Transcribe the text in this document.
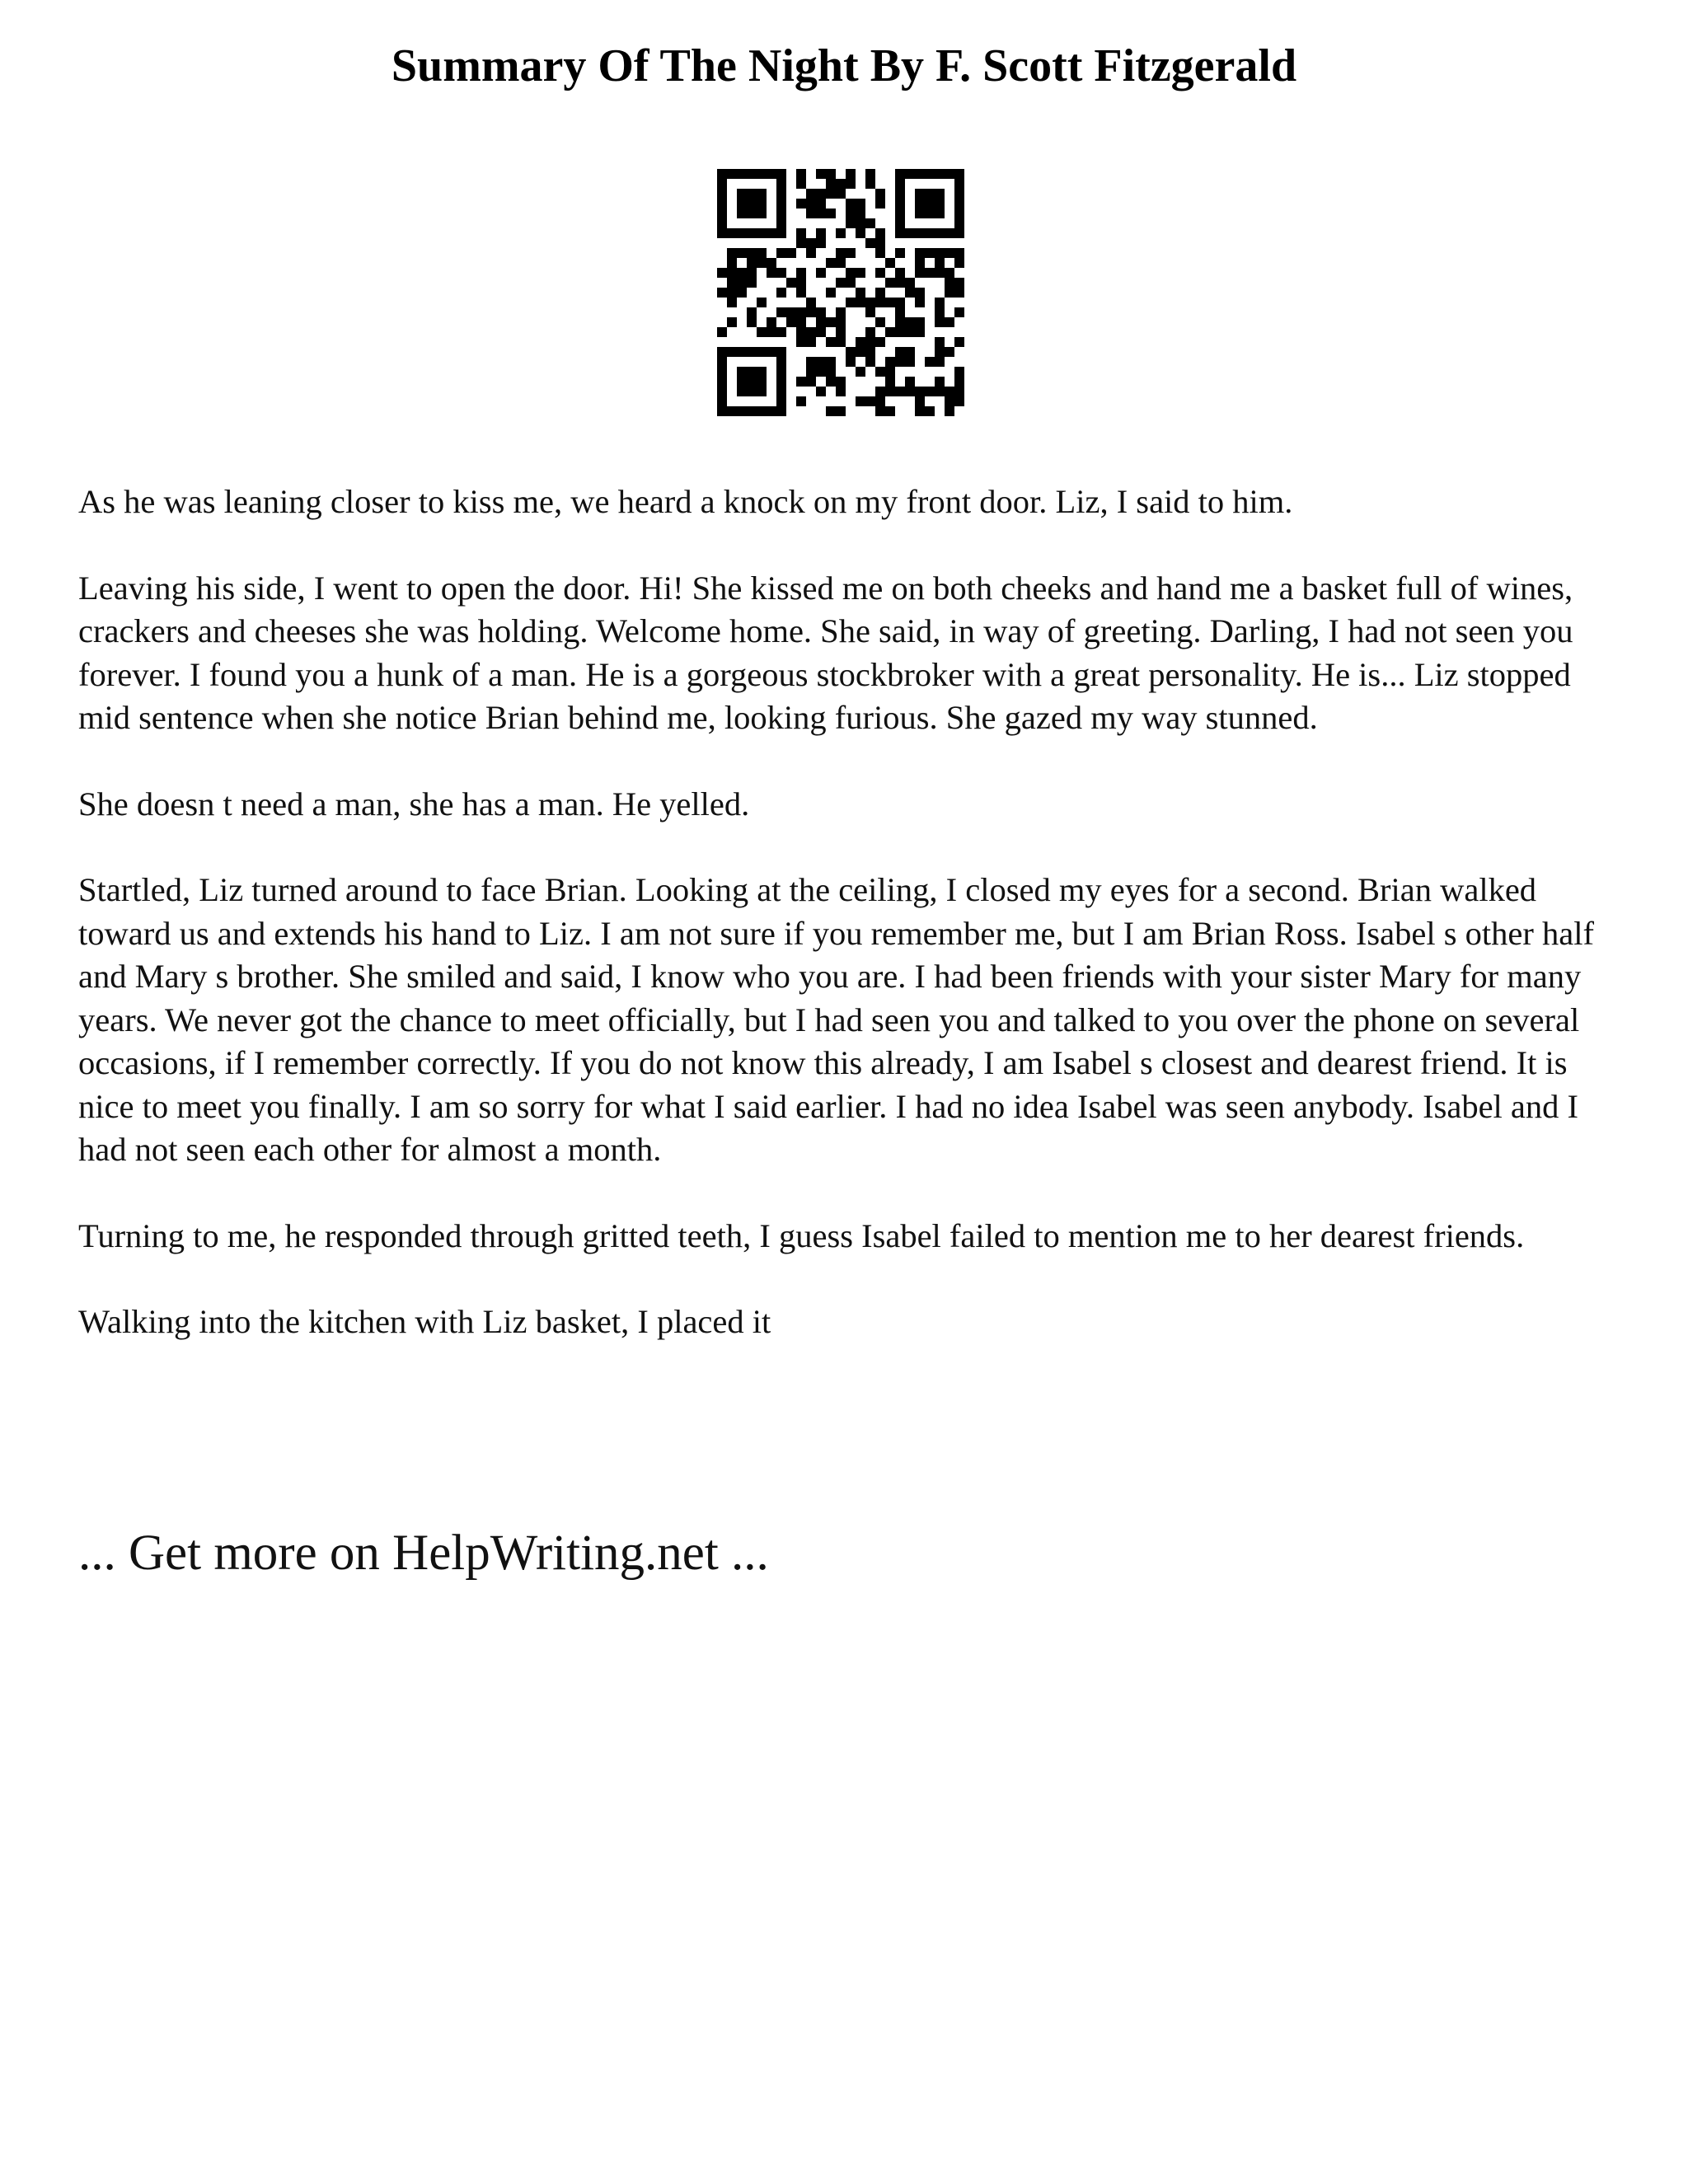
Summary Of The Night By F. Scott Fitzgerald

As he was leaning closer to kiss me, we heard a knock on my front door. Liz, I said to him.

Leaving his side, I went to open the door. Hi! She kissed me on both cheeks and hand me a basket full of wines, crackers and cheeses she was holding. Welcome home. She said, in way of greeting. Darling, I had not seen you forever. I found you a hunk of a man. He is a gorgeous stockbroker with a great personality. He is... Liz stopped mid sentence when she notice Brian behind me, looking furious. She gazed my way stunned.

She doesn t need a man, she has a man. He yelled.

Startled, Liz turned around to face Brian. Looking at the ceiling, I closed my eyes for a second. Brian walked toward us and extends his hand to Liz. I am not sure if you remember me, but I am Brian Ross. Isabel s other half and Mary s brother. She smiled and said, I know who you are. I had been friends with your sister Mary for many years. We never got the chance to meet officially, but I had seen you and talked to you over the phone on several occasions, if I remember correctly. If you do not know this already, I am Isabel s closest and dearest friend. It is nice to meet you finally. I am so sorry for what I said earlier. I had no idea Isabel was seen anybody. Isabel and I had not seen each other for almost a month.

Turning to me, he responded through gritted teeth, I guess Isabel failed to mention me to her dearest friends.

Walking into the kitchen with Liz basket, I placed it

... Get more on HelpWriting.net ...
